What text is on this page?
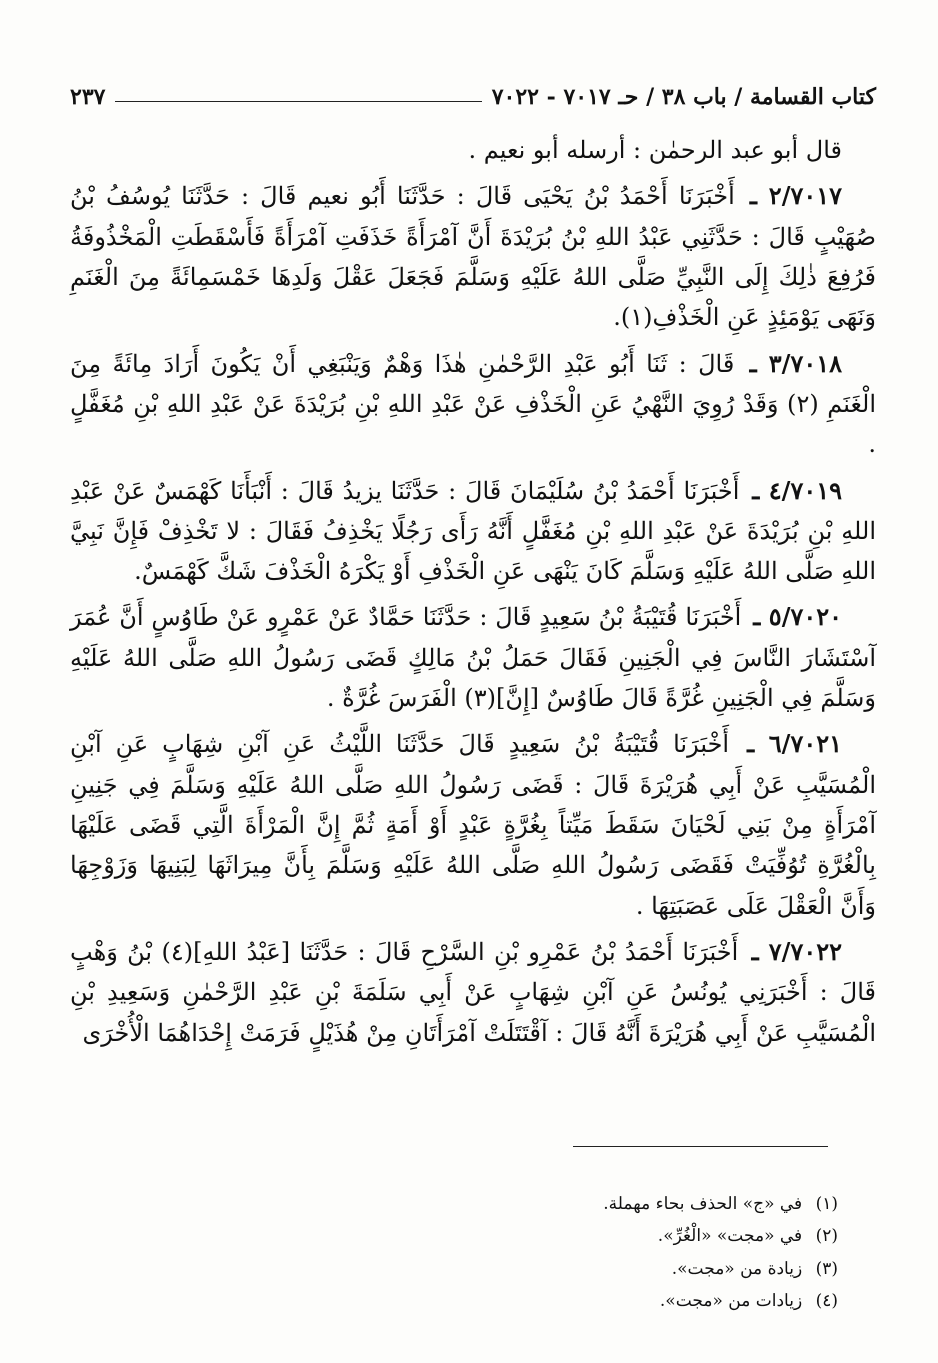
كتاب القسامة / باب ٣٨ / حـ ٧٠١٧ - ٧٠٢٢
٢٣٧

قال أبو عبد الرحمٰن : أرسله أبو نعيم .

٢/٧٠١٧ ـ أَخْبَرَنَا أَحْمَدُ بْنُ يَحْيَى قَالَ : حَدَّثَنَا أَبُو نعيم قَالَ : حَدَّثَنَا يُوسُفُ بْنُ صُهَيْبٍ قَالَ : حَدَّثَنِي عَبْدُ اللهِ بْنُ بُرَيْدَةَ أَنَّ آمْرَأَةً خَذَفَتِ آمْرَأَةً فَأَسْقَطَتِ الْمَخْذُوفَةُ فَرُفِعَ ذٰلِكَ إِلَى النَّبِيِّ صَلَّى اللهُ عَلَيْهِ وَسَلَّمَ فَجَعَلَ عَقْلَ وَلَدِهَا خَمْسَمِائَةً مِنَ الْغَنَمِ وَنَهَى يَوْمَئِذٍ عَنِ الْخَذْفِ(١).

٣/٧٠١٨ ـ قَالَ : ثَنَا أَبُو عَبْدِ الرَّحْمٰنِ هٰذَا وَهْمٌ وَيَنْبَغِي أَنْ يَكُونَ أَرَادَ مِائَةً مِنَ الْغَنَمِ (٢) وَقَدْ رُوِيَ النَّهْيُ عَنِ الْخَذْفِ عَنْ عَبْدِ اللهِ بْنِ بُرَيْدَةَ عَنْ عَبْدِ اللهِ بْنِ مُغَفَّلٍ .

٤/٧٠١٩ ـ أَخْبَرَنَا أَحْمَدُ بْنُ سُلَيْمَانَ قَالَ : حَدَّثَنَا يزيدُ قَالَ : أَنْبَأَنَا كَهْمَسٌ عَنْ عَبْدِ اللهِ بْنِ بُرَيْدَةَ عَنْ عَبْدِ اللهِ بْنِ مُغَفَّلٍ أَنَّهُ رَأَى رَجُلًا يَخْذِفُ فَقَالَ : لا تَخْذِفْ فَإِنَّ نَبِيَّ اللهِ صَلَّى اللهُ عَلَيْهِ وَسَلَّمَ كَانَ يَنْهَى عَنِ الْخَذْفِ أَوْ يَكْرَهُ الْخَذْفَ شَكَّ كَهْمَسٌ.

٥/٧٠٢٠ ـ أَخْبَرَنَا قُتَيْبَةُ بْنُ سَعِيدٍ قَالَ : حَدَّثَنَا حَمَّادٌ عَنْ عَمْرٍو عَنْ طَاوُسٍ أَنَّ عُمَرَ آسْتَشَارَ النَّاسَ فِي الْجَنِينِ فَقَالَ حَمَلُ بْنُ مَالِكٍ قَضَى رَسُولُ اللهِ صَلَّى اللهُ عَلَيْهِ وَسَلَّمَ فِي الْجَنِينِ غُرَّةً قَالَ طَاوُسٌ [إِنَّ](٣) الْفَرَسَ غُرَّةٌ .

٦/٧٠٢١ ـ أَخْبَرَنَا قُتَيْبَةُ بْنُ سَعِيدٍ قَالَ حَدَّثَنَا اللَّيْثُ عَنِ آبْنِ شِهَابٍ عَنِ آبْنِ الْمُسَيَّبِ عَنْ أَبِي هُرَيْرَةَ قَالَ : قَضَى رَسُولُ اللهِ صَلَّى اللهُ عَلَيْهِ وَسَلَّمَ فِي جَنِينِ آمْرَأَةٍ مِنْ بَنِي لَحْيَانَ سَقَطَ مَيِّتاً بِغُرَّةٍ عَبْدٍ أَوْ أَمَةٍ ثُمَّ إِنَّ الْمَرْأَةَ الَّتِي قَضَى عَلَيْهَا بِالْغُرَّةِ تُوُفِّيَتْ فَقَضَى رَسُولُ اللهِ صَلَّى اللهُ عَلَيْهِ وَسَلَّمَ بِأَنَّ مِيرَاثَهَا لِبَنِيهَا وَزَوْجِهَا وَأَنَّ الْعَقْلَ عَلَى عَصَبَتِهَا .

٧/٧٠٢٢ ـ أَخْبَرَنَا أَحْمَدُ بْنُ عَمْرِو بْنِ السَّرْحِ قَالَ : حَدَّثَنَا [عَبْدُ اللهِ](٤) بْنُ وَهْبٍ قَالَ : أَخْبَرَنِي يُونُسُ عَنِ آبْنِ شِهَابٍ عَنْ أَبِي سَلَمَةَ بْنِ عَبْدِ الرَّحْمٰنِ وَسَعِيدِ بْنِ الْمُسَيَّبِ عَنْ أَبِي هُرَيْرَةَ أَنَّهُ قَالَ : آقْتَتَلَتْ آمْرَأَتَانِ مِنْ هُذَيْلٍ فَرَمَتْ إِحْدَاهُمَا الْأُخْرَى

(١) في «ج» الحذف بحاء مهملة.

(٢) في «مجت» «الْغُرِّ».

(٣) زيادة من «مجت».

(٤) زيادات من «مجت».
